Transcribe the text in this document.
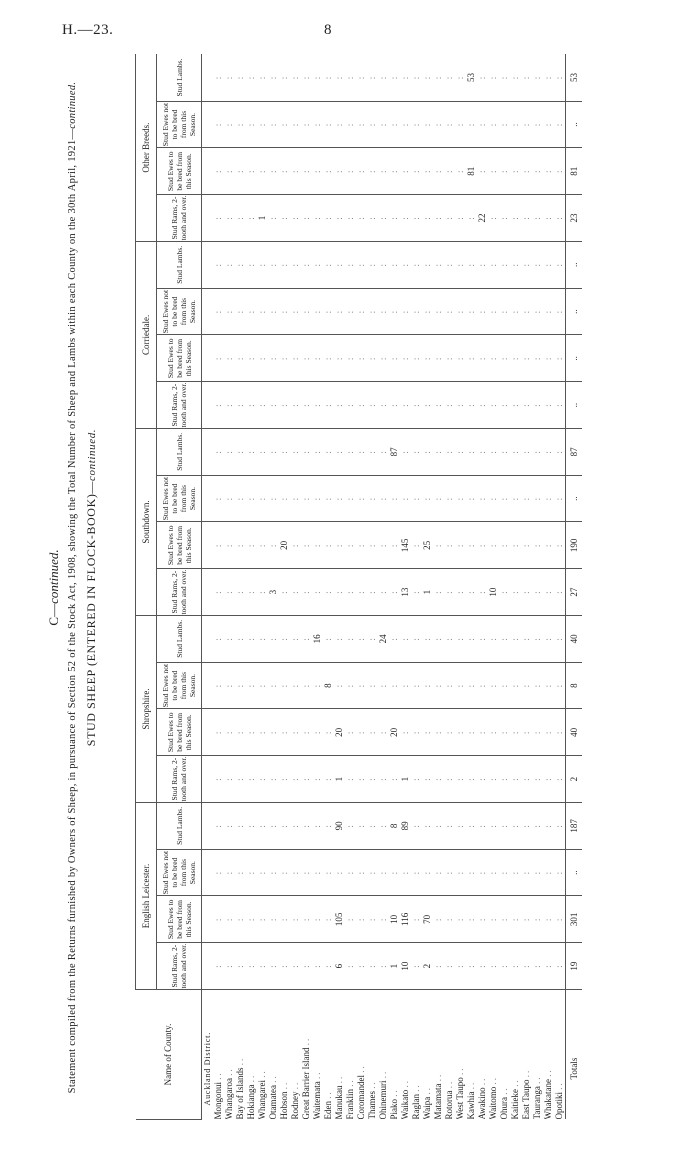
H.—23.	8
C—continued. Statement compiled from the Returns furnished by Owners of Sheep, in pursuance of Section 52 of the Stock Act, 1908, showing the Total Number of Sheep and Lambs within each County on the 30th April, 1921—continued.
STUD SHEEP (ENTERED IN FLOCK-BOOK)—continued.
Name of County.	English Leicester.				Shropshire.				Southdown.				Corriedale.				Other Breeds.			
	Stud Rams, 2-tooth and over.	Stud Ewes to be bred from this Season.	Stud Ewes not to be bred from this Season.	Stud Lambs.	Stud Rams, 2-tooth and over.	Stud Ewes to be bred from this Season.	Stud Ewes not to be bred from this Season.	Stud Lambs.	Stud Rams, 2-tooth and over.	Stud Ewes to be bred from this Season.	Stud Ewes not to be bred from this Season.	Stud Lambs.	Stud Rams, 2-tooth and over.	Stud Ewes to be bred from this Season.	Stud Ewes not to be bred from this Season.	Stud Lambs.	Stud Rams, 2-tooth and over.	Stud Ewes to be bred from this Season.	Stud Ewes not to be bred from this Season.	Stud Lambs.
Auckland District.																				
Mongonui ..	:	:	:	:	:	:	:	:	:	:	:	:	:	:	:	:	:	:	:	:
Whangaroa ..	:	:	:	:	:	:	:	:	:	:	:	:	:	:	:	:	:	:	:	:
Bay of Islands ..	:	:	:	:	:	:	:	:	:	:	:	:	:	:	:	:	:	:	:	:
Hokianga ..	:	:	:	:	:	:	:	:	:	:	:	:	:	:	:	:	:	:	:	:
Whangarei ..	:	:	:	:	:	:	:	:	:	:	:	:	:	:	:	:	1	:	:	:
Otamatea ..	:	:	:	:	:	:	:	:	3	:	:	:	:	:	:	:	:	:	:	:
Hobson ..	:	:	:	:	:	:	:	:	:	20	:	:	:	:	:	:	:	:	:	:
Rodney ..	:	:	:	:	:	:	:	:	:	:	:	:	:	:	:	:	:	:	:	:
Great Barrier Island ..	:	:	:	:	:	:	:	:	:	:	:	:	:	:	:	:	:	:	:	:
Waitemata ..	:	:	:	:	:	:	:	16	:	:	:	:	:	:	:	:	:	:	:	:
Eden ..	:	:	:	:	:	:	8	:	:	:	:	:	:	:	:	:	:	:	:	:
Manukau ..	6	105	:	90	1	20	:	:	:	:	:	:	:	:	:	:	:	:	:	:
Franklin ..	:	:	:	:	:	:	:	:	:	:	:	:	:	:	:	:	:	:	:	:
Coromandel ..	:	:	:	:	:	:	:	:	:	:	:	:	:	:	:	:	:	:	:	:
Thames ..	:	:	:	:	:	:	:	:	:	:	:	:	:	:	:	:	:	:	:	:
Ohinemuri ..	:	:	:	:	:	:	:	24	:	:	:	:	:	:	:	:	:	:	:	:
Piako ..	1	10	:	8	:	20	:	:	:	:	:	87	:	:	:	:	:	:	:	:
Waikato ..	10	116	:	89	1	:	:	:	13	145	:	:	:	:	:	:	:	:	:	:
Raglan ..	:	:	:	:	:	:	:	:	:	:	:	:	:	:	:	:	:	:	:	:
Waipa ..	2	70	:	:	:	:	:	:	1	25	:	:	:	:	:	:	:	:	:	:
Matamata ..	:	:	:	:	:	:	:	:	:	:	:	:	:	:	:	:	:	:	:	:
Rotorua ..	:	:	:	:	:	:	:	:	:	:	:	:	:	:	:	:	:	:	:	:
West Taupo ..	:	:	:	:	:	:	:	:	:	:	:	:	:	:	:	:	:	:	:	:
Kawhia ..	:	:	:	:	:	:	:	:	:	:	:	:	:	:	:	:	:	81	:	53
Awakino ..	:	:	:	:	:	:	:	:	:	:	:	:	:	:	:	:	22	:	:	:
Waitomo ..	:	:	:	:	:	:	:	:	10	:	:	:	:	:	:	:	:	:	:	:
Ohura ..	:	:	:	:	:	:	:	:	:	:	:	:	:	:	:	:	:	:	:	:
Kaitieke ..	:	:	:	:	:	:	:	:	:	:	:	:	:	:	:	:	:	:	:	:
East Taupo ..	:	:	:	:	:	:	:	:	:	:	:	:	:	:	:	:	:	:	:	:
Tauranga ..	:	:	:	:	:	:	:	:	:	:	:	:	:	:	:	:	:	:	:	:
Whakatane ..	:	:	:	:	:	:	:	:	:	:	:	:	:	:	:	:	:	:	:	:
Opotiki ..	:	:	:	:	:	:	:	:	:	:	:	:	:	:	:	:	:	:	:	:
Totals	19	301	..	187	2	40	8	40	27	190	..	87	..	..	..	..	23	81	..	53
